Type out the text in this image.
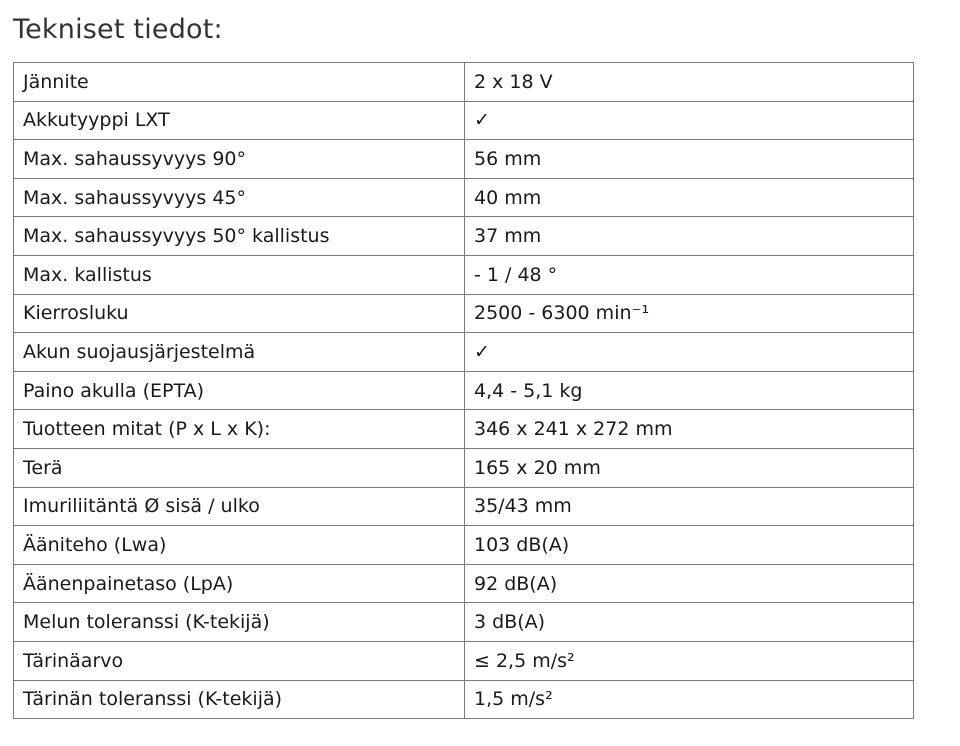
Tekniset tiedot:
Jännite	2 x 18 V
Akkutyyppi LXT	✓
Max. sahaussyvyys 90°	56 mm
Max. sahaussyvyys 45°	40 mm
Max. sahaussyvyys 50° kallistus	37 mm
Max. kallistus	- 1 / 48 °
Kierrosluku	2500 - 6300 min⁻¹
Akun suojausjärjestelmä	✓
Paino akulla (EPTA)	4,4 - 5,1 kg
Tuotteen mitat (P x L x K):	346 x 241 x 272 mm
Terä	165 x 20 mm
Imuriliitäntä Ø sisä / ulko	35/43 mm
Ääniteho (Lwa)	103 dB(A)
Äänenpainetaso (LpA)	92 dB(A)
Melun toleranssi (K-tekijä)	3 dB(A)
Tärinäarvo	≤ 2,5 m/s²
Tärinän toleranssi (K-tekijä)	1,5 m/s²
